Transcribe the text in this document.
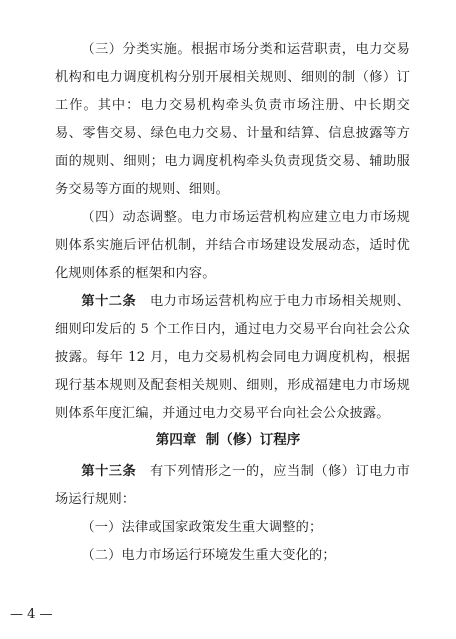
（三）分类实施。根据市场分类和运营职责，电力交易机构和电力调度机构分别开展相关规则、细则的制（修）订工作。其中：电力交易机构牵头负责市场注册、中长期交易、零售交易、绿色电力交易、计量和结算、信息披露等方面的规则、细则；电力调度机构牵头负责现货交易、辅助服务交易等方面的规则、细则。

（四）动态调整。电力市场运营机构应建立电力市场规则体系实施后评估机制，并结合市场建设发展动态，适时优化规则体系的框架和内容。

第十二条　 电力市场运营机构应于电力市场相关规则、细则印发后的 5 个工作日内，通过电力交易平台向社会公众披露。每年 12 月，电力交易机构会同电力调度机构，根据现行基本规则及配套相关规则、细则，形成福建电力市场规则体系年度汇编，并通过电力交易平台向社会公众披露。

第四章  制（修）订程序

第十三条　 有下列情形之一的，应当制（修）订电力市场运行规则：

（一）法律或国家政策发生重大调整的；

（二）电力市场运行环境发生重大变化的；

— 4 —
